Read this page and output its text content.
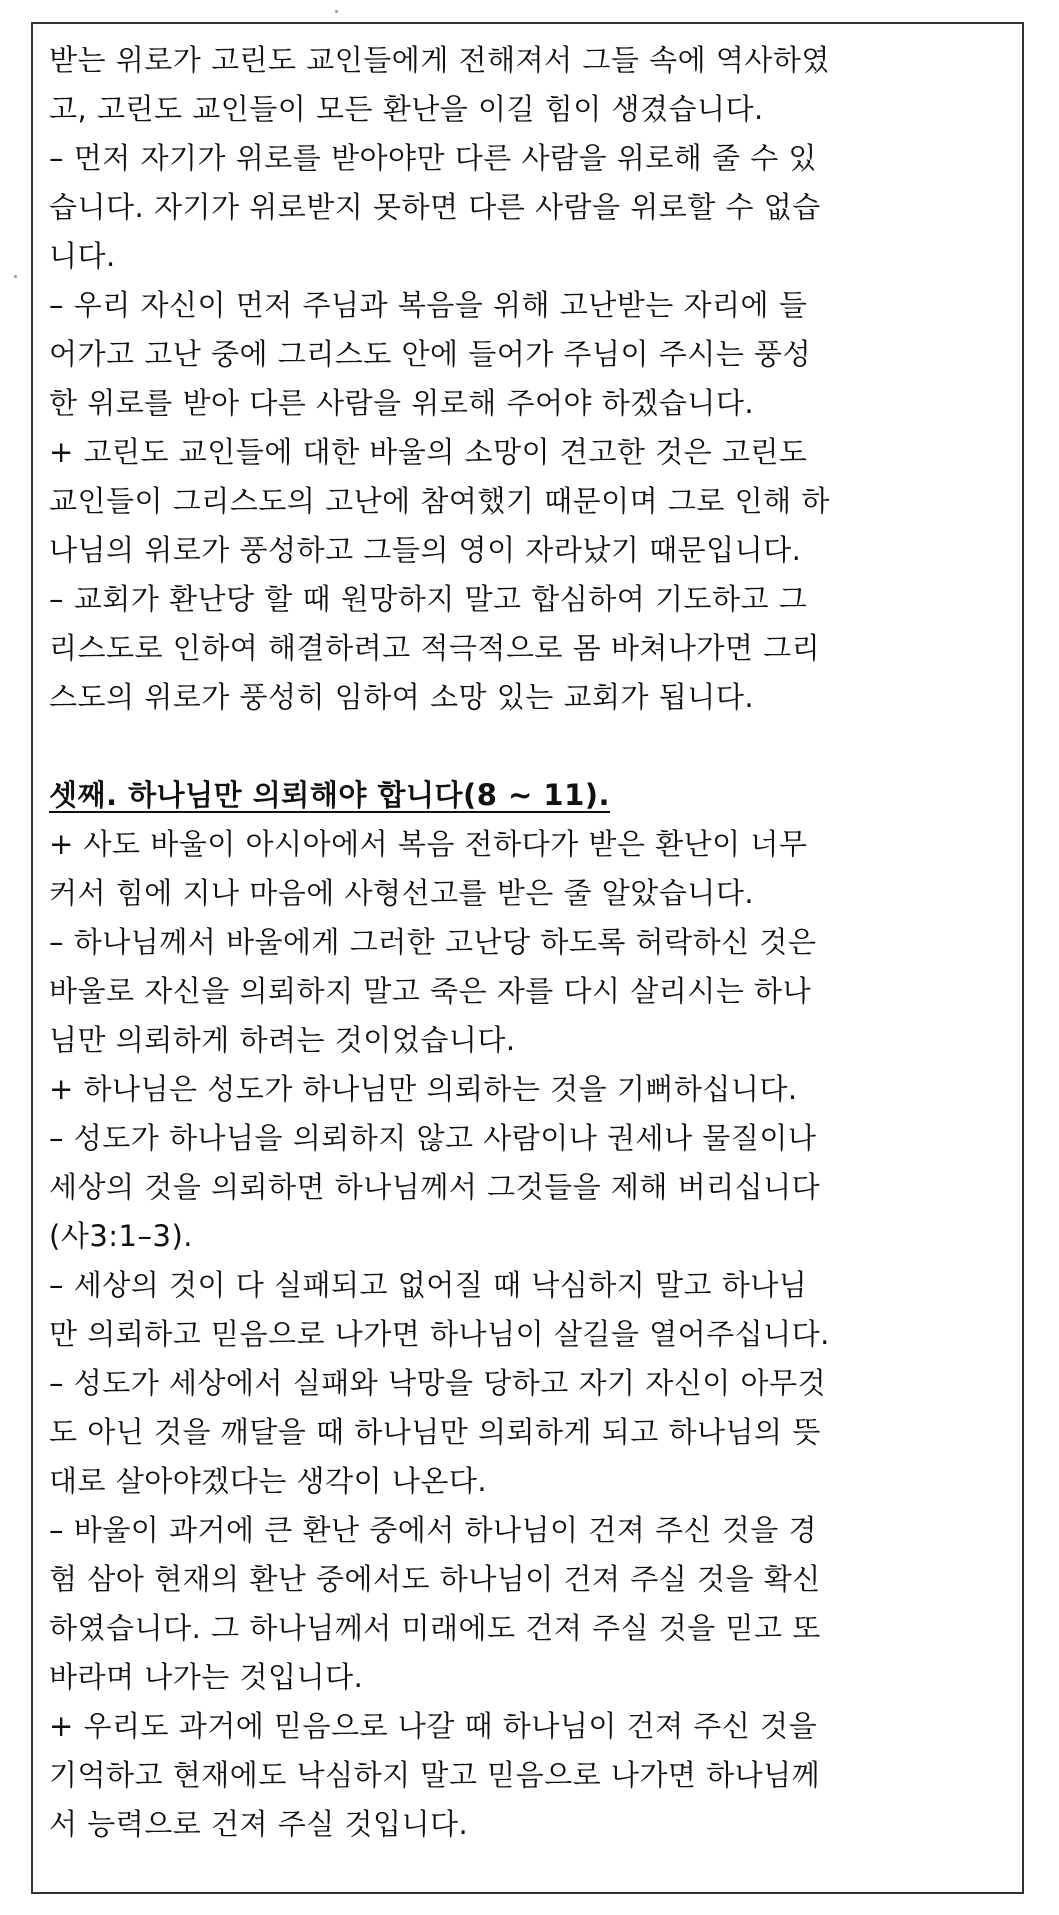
받는 위로가 고린도 교인들에게 전해져서 그들 속에 역사하였
고, 고린도 교인들이 모든 환난을 이길 힘이 생겼습니다.
– 먼저 자기가 위로를 받아야만 다른 사람을 위로해 줄 수 있
습니다. 자기가 위로받지 못하면 다른 사람을 위로할 수 없습
니다.
– 우리 자신이 먼저 주님과 복음을 위해 고난받는 자리에 들
어가고 고난 중에 그리스도 안에 들어가 주님이 주시는 풍성
한 위로를 받아 다른 사람을 위로해 주어야 하겠습니다.
+ 고린도 교인들에 대한 바울의 소망이 견고한 것은 고린도
교인들이 그리스도의 고난에 참여했기 때문이며 그로 인해 하
나님의 위로가 풍성하고 그들의 영이 자라났기 때문입니다.
– 교회가 환난당 할 때 원망하지 말고 합심하여 기도하고 그
리스도로 인하여 해결하려고 적극적으로 몸 바쳐나가면 그리
스도의 위로가 풍성히 임하여 소망 있는 교회가 됩니다.
셋째. 하나님만 의뢰해야 합니다(8 ~ 11).
+ 사도 바울이 아시아에서 복음 전하다가 받은 환난이 너무
커서 힘에 지나 마음에 사형선고를 받은 줄 알았습니다.
– 하나님께서 바울에게 그러한 고난당 하도록 허락하신 것은
바울로 자신을 의뢰하지 말고 죽은 자를 다시 살리시는 하나
님만 의뢰하게 하려는 것이었습니다.
+ 하나님은 성도가 하나님만 의뢰하는 것을 기뻐하십니다.
– 성도가 하나님을 의뢰하지 않고 사람이나 권세나 물질이나
세상의 것을 의뢰하면 하나님께서 그것들을 제해 버리십니다
(사3:1–3).
– 세상의 것이 다 실패되고 없어질 때 낙심하지 말고 하나님
만 의뢰하고 믿음으로 나가면 하나님이 살길을 열어주십니다.
– 성도가 세상에서 실패와 낙망을 당하고 자기 자신이 아무것
도 아닌 것을 깨달을 때 하나님만 의뢰하게 되고 하나님의 뜻
대로 살아야겠다는 생각이 나온다.
– 바울이 과거에 큰 환난 중에서 하나님이 건져 주신 것을 경
험 삼아 현재의 환난 중에서도 하나님이 건져 주실 것을 확신
하였습니다. 그 하나님께서 미래에도 건져 주실 것을 믿고 또
바라며 나가는 것입니다.
+ 우리도 과거에 믿음으로 나갈 때 하나님이 건져 주신 것을
기억하고 현재에도 낙심하지 말고 믿음으로 나가면 하나님께
서 능력으로 건져 주실 것입니다.
